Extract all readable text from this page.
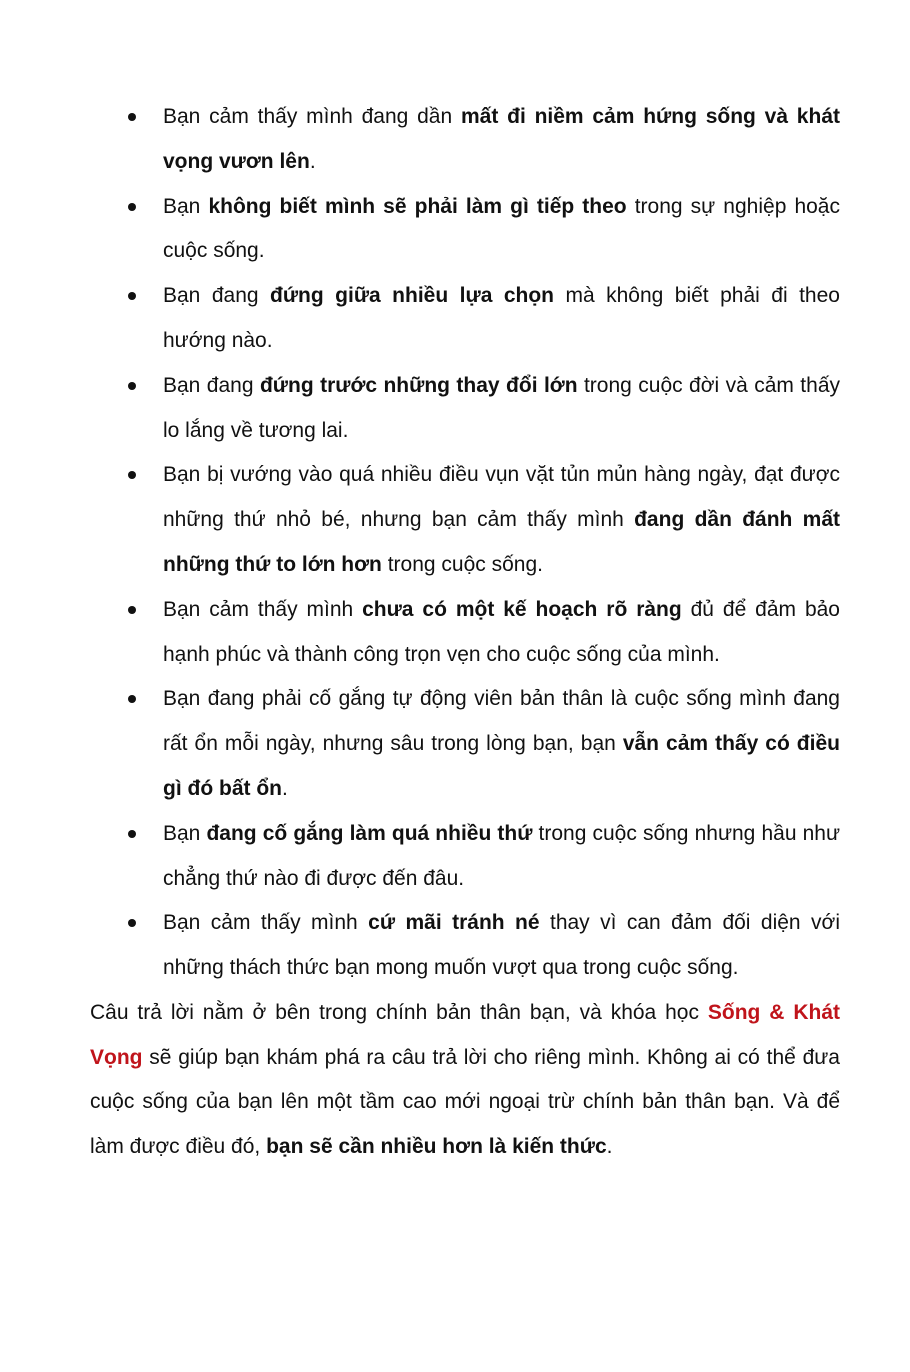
Bạn cảm thấy mình đang dần mất đi niềm cảm hứng sống và khát vọng vươn lên.
Bạn không biết mình sẽ phải làm gì tiếp theo trong sự nghiệp hoặc cuộc sống.
Bạn đang đứng giữa nhiều lựa chọn mà không biết phải đi theo hướng nào.
Bạn đang đứng trước những thay đổi lớn trong cuộc đời và cảm thấy lo lắng về tương lai.
Bạn bị vướng vào quá nhiều điều vụn vặt tủn mủn hàng ngày, đạt được những thứ nhỏ bé, nhưng bạn cảm thấy mình đang dần đánh mất những thứ to lớn hơn trong cuộc sống.
Bạn cảm thấy mình chưa có một kế hoạch rõ ràng đủ để đảm bảo hạnh phúc và thành công trọn vẹn cho cuộc sống của mình.
Bạn đang phải cố gắng tự động viên bản thân là cuộc sống mình đang rất ổn mỗi ngày, nhưng sâu trong lòng bạn, bạn vẫn cảm thấy có điều gì đó bất ổn.
Bạn đang cố gắng làm quá nhiều thứ trong cuộc sống nhưng hầu như chẳng thứ nào đi được đến đâu.
Bạn cảm thấy mình cứ mãi tránh né thay vì can đảm đối diện với những thách thức bạn mong muốn vượt qua trong cuộc sống.

Câu trả lời nằm ở bên trong chính bản thân bạn, và khóa học Sống & Khát Vọng sẽ giúp bạn khám phá ra câu trả lời cho riêng mình. Không ai có thể đưa cuộc sống của bạn lên một tầm cao mới ngoại trừ chính bản thân bạn. Và để làm được điều đó, bạn sẽ cần nhiều hơn là kiến thức.
